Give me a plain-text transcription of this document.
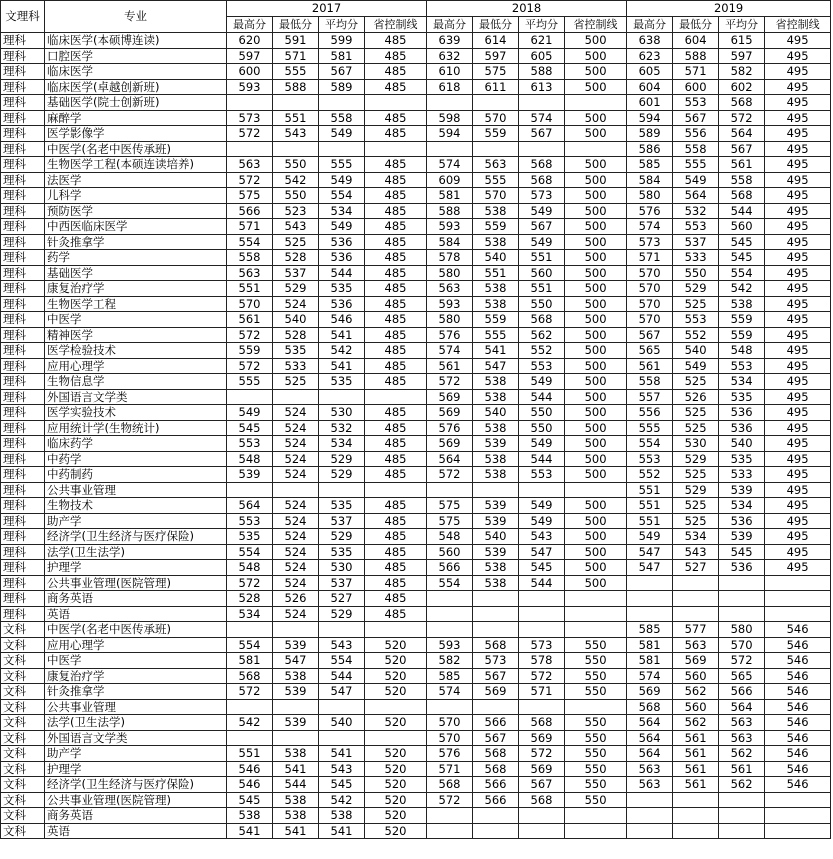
文理科	专业	2017				2018				2019			
		最高分	最低分	平均分	省控制线	最高分	最低分	平均分	省控制线	最高分	最低分	平均分	省控制线
理科	临床医学(本硕博连读)	620	591	599	485	639	614	621	500	638	604	615	495
理科	口腔医学	597	571	581	485	632	597	605	500	623	588	597	495
理科	临床医学	600	555	567	485	610	575	588	500	605	571	582	495
理科	临床医学(卓越创新班)	593	588	589	485	618	611	613	500	604	600	602	495
理科	基础医学(院士创新班)									601	553	568	495
理科	麻醉学	573	551	558	485	598	570	574	500	594	567	572	495
理科	医学影像学	572	543	549	485	594	559	567	500	589	556	564	495
理科	中医学(名老中医传承班)									586	558	567	495
理科	生物医学工程(本硕连读培养)	563	550	555	485	574	563	568	500	585	555	561	495
理科	法医学	572	542	549	485	609	555	568	500	584	549	558	495
理科	儿科学	575	550	554	485	581	570	573	500	580	564	568	495
理科	预防医学	566	523	534	485	588	538	549	500	576	532	544	495
理科	中西医临床医学	571	543	549	485	593	559	567	500	574	553	560	495
理科	针灸推拿学	554	525	536	485	584	538	549	500	573	537	545	495
理科	药学	558	528	536	485	578	540	551	500	571	533	545	495
理科	基础医学	563	537	544	485	580	551	560	500	570	550	554	495
理科	康复治疗学	551	529	535	485	563	538	551	500	570	529	542	495
理科	生物医学工程	570	524	536	485	593	538	550	500	570	525	538	495
理科	中医学	561	540	546	485	580	559	568	500	570	553	559	495
理科	精神医学	572	528	541	485	576	555	562	500	567	552	559	495
理科	医学检验技术	559	535	542	485	574	541	552	500	565	540	548	495
理科	应用心理学	572	533	541	485	561	547	553	500	561	549	553	495
理科	生物信息学	555	525	535	485	572	538	549	500	558	525	534	495
理科	外国语言文学类					569	538	544	500	557	526	535	495
理科	医学实验技术	549	524	530	485	569	540	550	500	556	525	536	495
理科	应用统计学(生物统计)	545	524	532	485	576	538	550	500	555	525	536	495
理科	临床药学	553	524	534	485	569	539	549	500	554	530	540	495
理科	中药学	548	524	529	485	564	538	544	500	553	529	535	495
理科	中药制药	539	524	529	485	572	538	553	500	552	525	533	495
理科	公共事业管理									551	529	539	495
理科	生物技术	564	524	535	485	575	539	549	500	551	525	534	495
理科	助产学	553	524	537	485	575	539	549	500	551	525	536	495
理科	经济学(卫生经济与医疗保险)	535	524	529	485	548	540	543	500	549	534	539	495
理科	法学(卫生法学)	554	524	535	485	560	539	547	500	547	543	545	495
理科	护理学	548	524	530	485	566	538	545	500	547	527	536	495
理科	公共事业管理(医院管理)	572	524	537	485	554	538	544	500				
理科	商务英语	528	526	527	485								
理科	英语	534	524	529	485								
文科	中医学(名老中医传承班)									585	577	580	546
文科	应用心理学	554	539	543	520	593	568	573	550	581	563	570	546
文科	中医学	581	547	554	520	582	573	578	550	581	569	572	546
文科	康复治疗学	568	538	544	520	585	567	572	550	574	560	565	546
文科	针灸推拿学	572	539	547	520	574	569	571	550	569	562	566	546
文科	公共事业管理									568	560	564	546
文科	法学(卫生法学)	542	539	540	520	570	566	568	550	564	562	563	546
文科	外国语言文学类					570	567	569	550	564	561	563	546
文科	助产学	551	538	541	520	576	568	572	550	564	561	562	546
文科	护理学	546	541	543	520	571	568	569	550	563	561	561	546
文科	经济学(卫生经济与医疗保险)	546	544	545	520	568	566	567	550	563	561	562	546
文科	公共事业管理(医院管理)	545	538	542	520	572	566	568	550				
文科	商务英语	538	538	538	520								
文科	英语	541	541	541	520								
